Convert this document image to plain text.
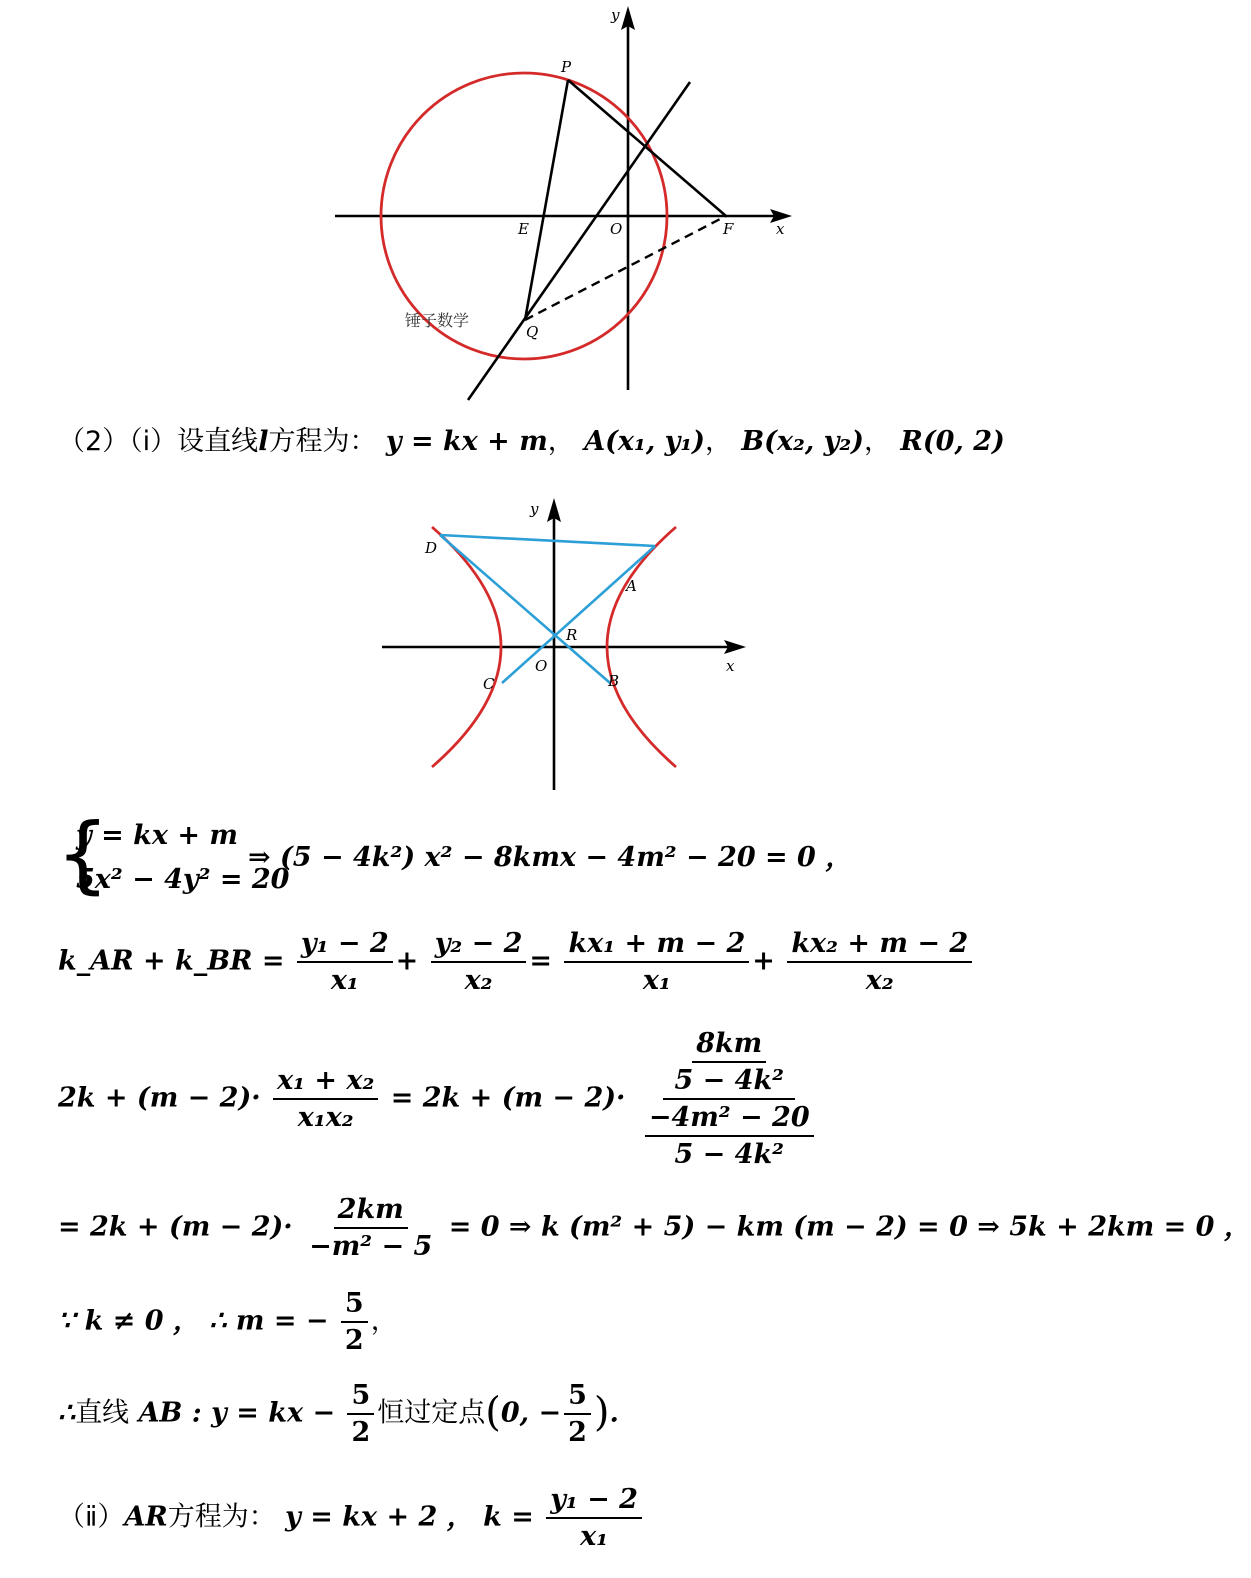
y
P
E	O	F	x
Q
锤子数学
（2）（ⅰ）设直线l方程为： y = kx + m， A(x₁, y₁)， B(x₂, y₂)， R(0, 2)
y
D
A
R
O	x
C	B
{
y = kx + m
5x² − 4y² = 20
⇒ (5 − 4k²) x² − 8kmx − 4m² − 20 = 0 ，
k_AR + k_BR = $\frac{\text{y₁ − 2}}{\text{x₁}} + \frac{\text{y₂ − 2}}{\text{x₂}} = \frac{\text{kx₁ + m − 2}}{\text{x₁}} + \frac{\text{kx₂ + m − 2}}{\text{x₂}}$
$2k + (m - 2)\cdot \frac{\text{x₁ + x₂}}{\text{x₁x₂}} = 2k + (m - 2)\cdot \frac{\frac{8km}{\text{5 − 4k²}}}{\frac{\text{−4m² − 20}}{\text{5 − 4k²}}}$
= $2k + (m - 2)\cdot \frac{2km}{\text{−m² − 5}} = 0$ ⇒ k (m² + 5) − km (m − 2) = 0 ⇒ 5k + 2km = 0 ，
∵ k ≠ 0 ， ∴ m = − $\frac{5}{2}$ ，
∴直线 AB : y = kx − $\frac{5}{2}$ 恒过定点(0, − $\frac{5}{2}$ ).
（ⅱ）AR方程为： y = kx + 2 ， $k = \frac{\text{y₁ − 2}}{\text{x₁}}$
